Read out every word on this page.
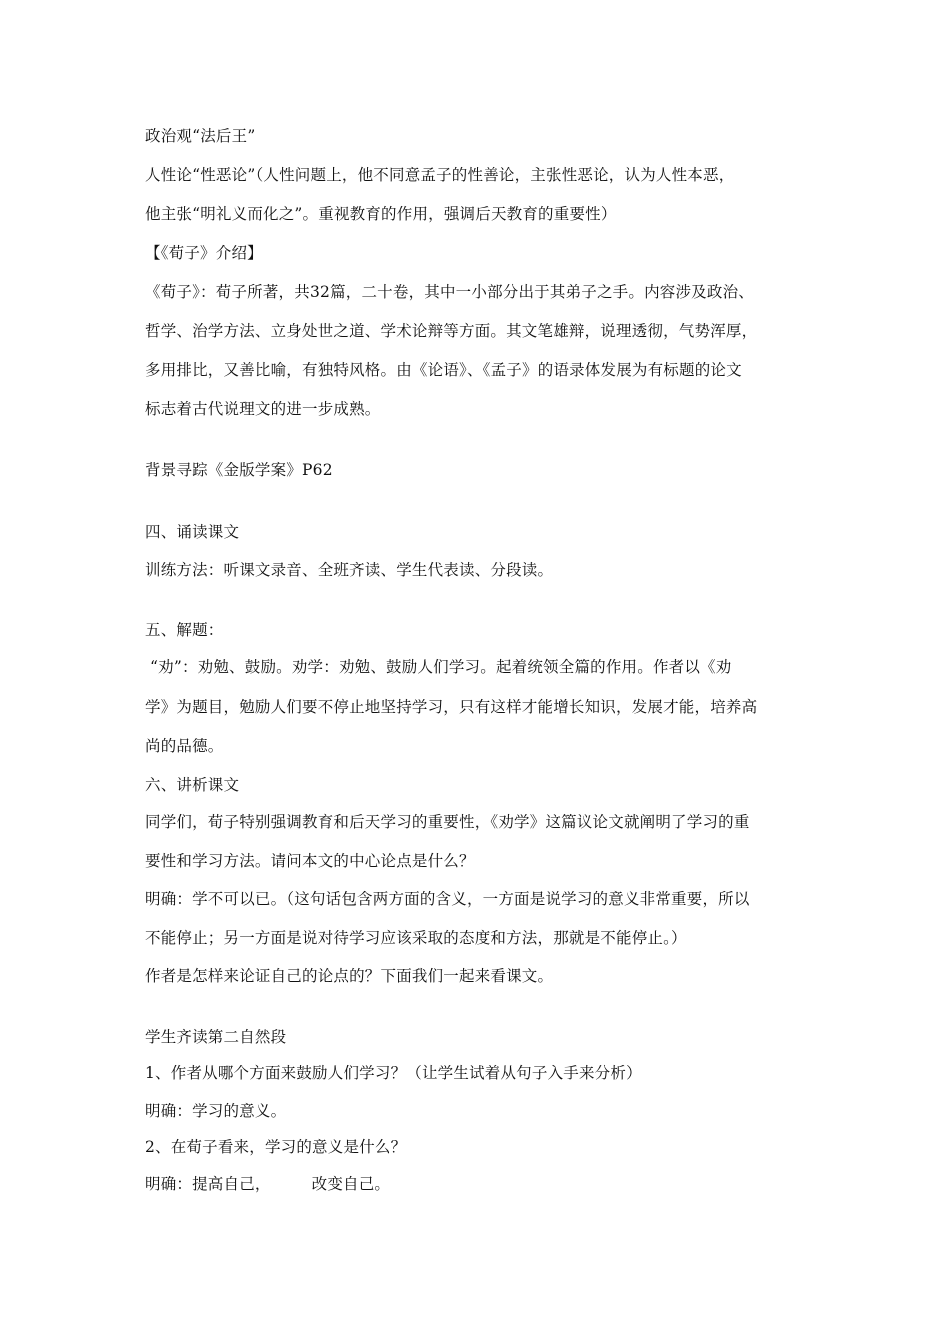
政治观“法后王”
人性论“性恶论”（人性问题上，他不同意孟子的性善论，主张性恶论，认为人性本恶，
他主张“明礼义而化之”。重视教育的作用，强调后天教育的重要性）
【《荀子》介绍】
《荀子》：荀子所著，共32篇，二十卷，其中一小部分出于其弟子之手。内容涉及政治、
哲学、治学方法、立身处世之道、学术论辩等方面。其文笔雄辩，说理透彻，气势浑厚，
多用排比，又善比喻，有独特风格。由《论语》、《孟子》的语录体发展为有标题的论文
标志着古代说理文的进一步成熟。
背景寻踪《金版学案》P62
四、诵读课文
训练方法：听课文录音、全班齐读、学生代表读、分段读。
五、解题：
“劝”：劝勉、鼓励。劝学：劝勉、鼓励人们学习。起着统领全篇的作用。作者以《劝
学》为题目，勉励人们要不停止地坚持学习，只有这样才能增长知识，发展才能，培养高
尚的品德。
六、讲析课文
同学们，荀子特别强调教育和后天学习的重要性，《劝学》这篇议论文就阐明了学习的重
要性和学习方法。请问本文的中心论点是什么？
明确：学不可以已。（这句话包含两方面的含义，一方面是说学习的意义非常重要，所以
不能停止；另一方面是说对待学习应该采取的态度和方法，那就是不能停止。）
作者是怎样来论证自己的论点的？下面我们一起来看课文。
学生齐读第二自然段
1、作者从哪个方面来鼓励人们学习？（让学生试着从句子入手来分析）
明确：学习的意义。
2、在荀子看来，学习的意义是什么？
明确：提高自己，        改变自己。
